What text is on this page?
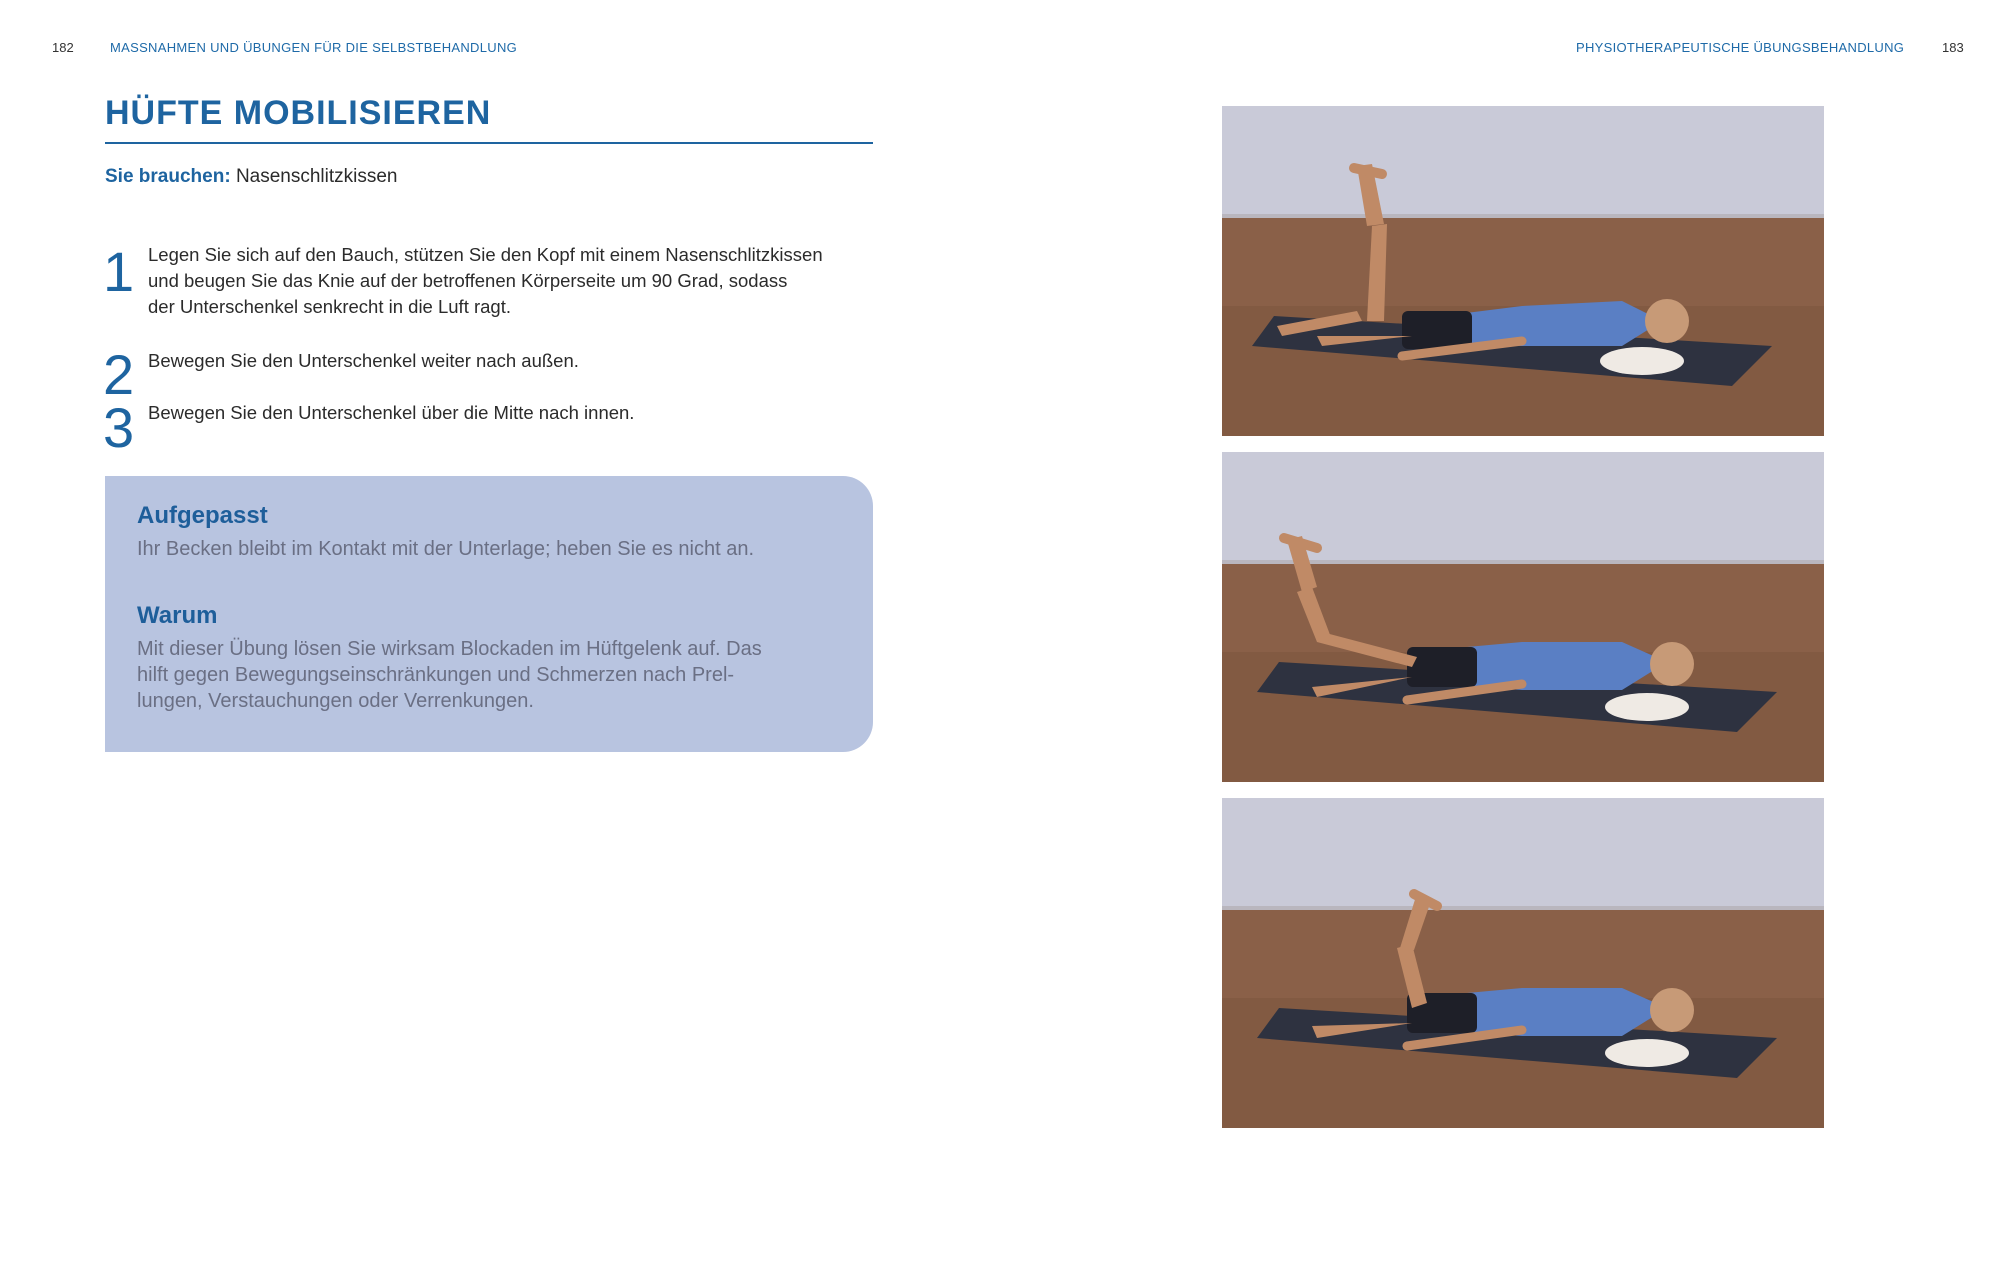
182	MASSNAHMEN UND ÜBUNGEN FÜR DIE SELBSTBEHANDLUNG	PHYSIOTHERAPEUTISCHE ÜBUNGSBEHANDLUNG	183
HÜFTE MOBILISIEREN
Sie brauchen: Nasenschlitzkissen
1 Legen Sie sich auf den Bauch, stützen Sie den Kopf mit einem Nasenschlitzkissen
und beugen Sie das Knie auf der betroffenen Körperseite um 90 Grad, sodass
der Unterschenkel senkrecht in die Luft ragt.
2 Bewegen Sie den Unterschenkel weiter nach außen.
3 Bewegen Sie den Unterschenkel über die Mitte nach innen.
Aufgepasst
Ihr Becken bleibt im Kontakt mit der Unterlage; heben Sie es nicht an.
Warum
Mit dieser Übung lösen Sie wirksam Blockaden im Hüftgelenk auf. Das
hilft gegen Bewegungseinschränkungen und Schmerzen nach Prel-
lungen, Verstauchungen oder Verrenkungen.
